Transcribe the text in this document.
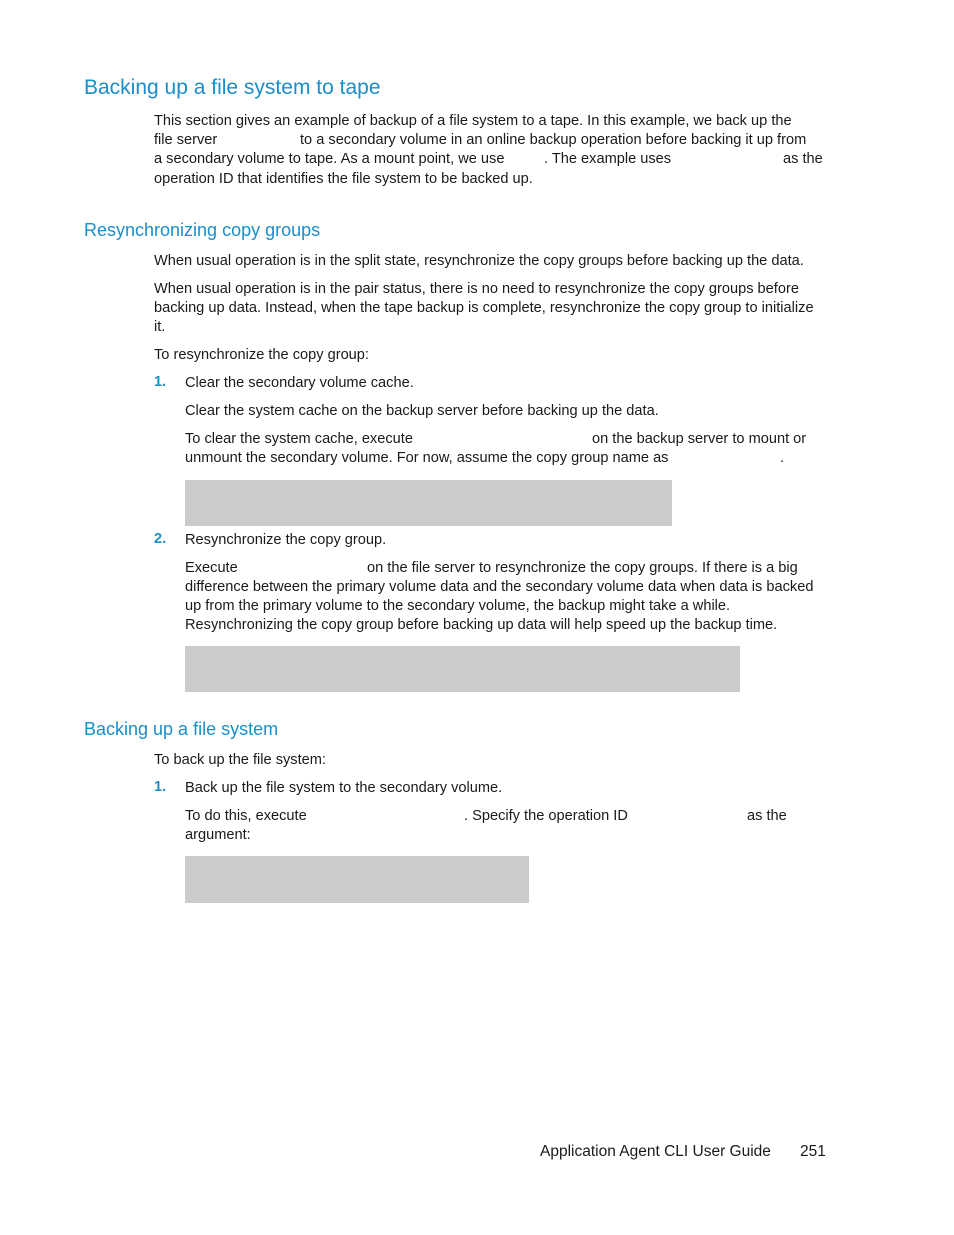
Backing up a file system to tape
This section gives an example of backup of a file system to a tape. In this example, we back up the
file server	to a secondary volume in an online backup operation before backing it up from
a secondary volume to tape. As a mount point, we use	. The example uses	as the
operation ID that identifies the file system to be backed up.
Resynchronizing copy groups
When usual operation is in the split state, resynchronize the copy groups before backing up the data.
When usual operation is in the pair status, there is no need to resynchronize the copy groups before
backing up data. Instead, when the tape backup is complete, resynchronize the copy group to initialize
it.
To resynchronize the copy group:
1. Clear the secondary volume cache.
Clear the system cache on the backup server before backing up the data.
To clear the system cache, execute	on the backup server to mount or
unmount the secondary volume. For now, assume the copy group name as	.
2. Resynchronize the copy group.
Execute	on the file server to resynchronize the copy groups. If there is a big
difference between the primary volume data and the secondary volume data when data is backed
up from the primary volume to the secondary volume, the backup might take a while.
Resynchronizing the copy group before backing up data will help speed up the backup time.
Backing up a file system
To back up the file system:
1. Back up the file system to the secondary volume.
To do this, execute	. Specify the operation ID	as the
argument:
Application Agent CLI User Guide 251
